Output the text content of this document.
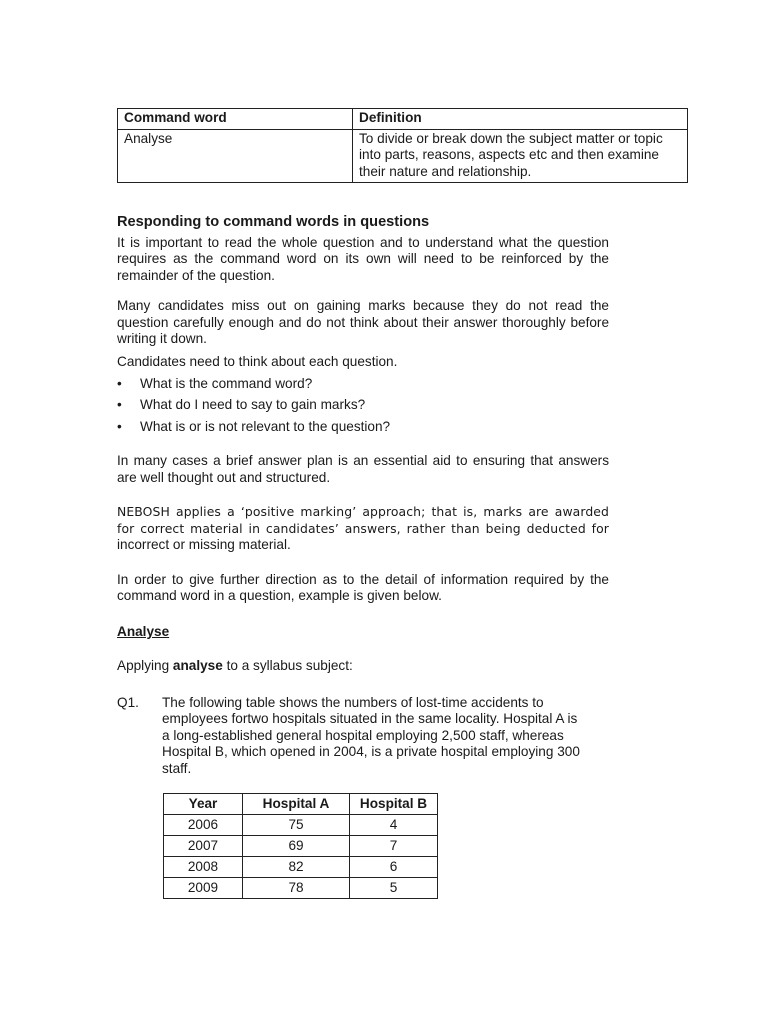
Command word	Definition
Analyse	To divide or break down the subject matter or topic into parts, reasons, aspects etc and then examine their nature and relationship.
Responding to command words in questions

It is important to read the whole question and to understand what the question requires as the command word on its own will need to be reinforced by the remainder of the question.

Many candidates miss out on gaining marks because they do not read the question carefully enough and do not think about their answer thoroughly before writing it down.

Candidates need to think about each question.

• What is the command word?
• What do I need to say to gain marks?
• What is or is not relevant to the question?

In many cases a brief answer plan is an essential aid to ensuring that answers are well thought out and structured.

NEBOSH applies a ‘positive marking’ approach; that is, marks are awarded for correct material in candidates’ answers, rather than being deducted for incorrect or missing material.

In order to give further direction as to the detail of information required by the command word in a question, example is given below.

Analyse

Applying analyse to a syllabus subject:

Q1.	The following table shows the numbers of lost-time accidents to employees fortwo hospitals situated in the same locality. Hospital A is a long-established general hospital employing 2,500 staff, whereas Hospital B, which opened in 2004, is a private hospital employing 300 staff.
Year	Hospital A	Hospital B
2006	75	4
2007	69	7
2008	82	6
2009	78	5
